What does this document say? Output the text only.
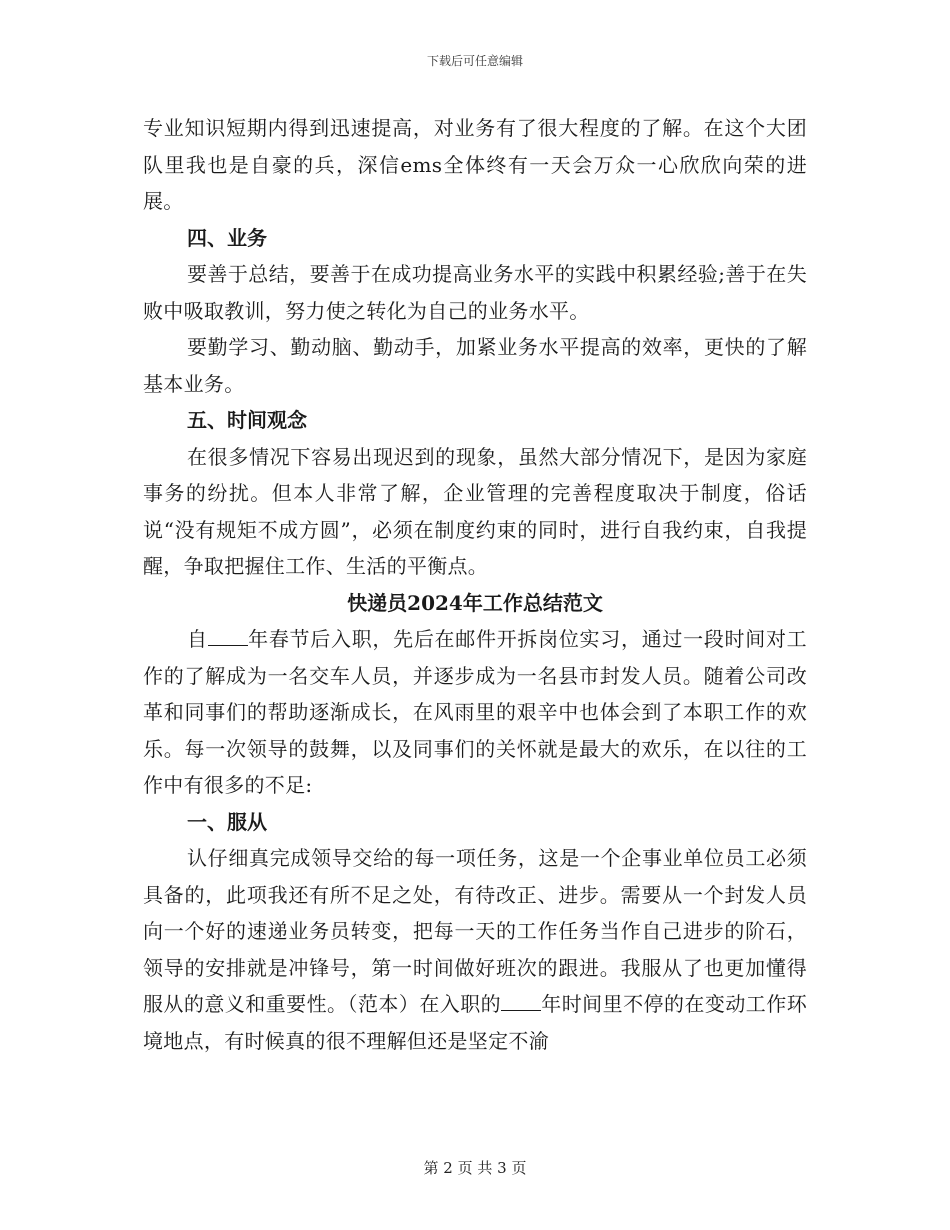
下载后可任意编辑

专业知识短期内得到迅速提高，对业务有了很大程度的了解。在这个大团队里我也是自豪的兵，深信ems全体终有一天会万众一心欣欣向荣的进展。

四、业务

要善于总结，要善于在成功提高业务水平的实践中积累经验;善于在失败中吸取教训，努力使之转化为自己的业务水平。

要勤学习、勤动脑、勤动手，加紧业务水平提高的效率，更快的了解基本业务。

五、时间观念

在很多情况下容易出现迟到的现象，虽然大部分情况下，是因为家庭事务的纷扰。但本人非常了解，企业管理的完善程度取决于制度，俗话说“没有规矩不成方圆”，必须在制度约束的同时，进行自我约束，自我提醒，争取把握住工作、生活的平衡点。

快递员2024年工作总结范文

自 年春节后入职，先后在邮件开拆岗位实习，通过一段时间对工作的了解成为一名交车人员，并逐步成为一名县市封发人员。随着公司改革和同事们的帮助逐渐成长，在风雨里的艰辛中也体会到了本职工作的欢乐。每一次领导的鼓舞，以及同事们的关怀就是最大的欢乐，在以往的工作中有很多的不足:

一、服从

认仔细真完成领导交给的每一项任务，这是一个企事业单位员工必须具备的，此项我还有所不足之处，有待改正、进步。需要从一个封发人员向一个好的速递业务员转变，把每一天的工作任务当作自己进步的阶石，领导的安排就是冲锋号，第一时间做好班次的跟进。我服从了也更加懂得服从的意义和重要性。（范本）在入职的 年时间里不停的在变动工作环境地点，有时候真的很不理解但还是坚定不渝

第 2 页 共 3 页
